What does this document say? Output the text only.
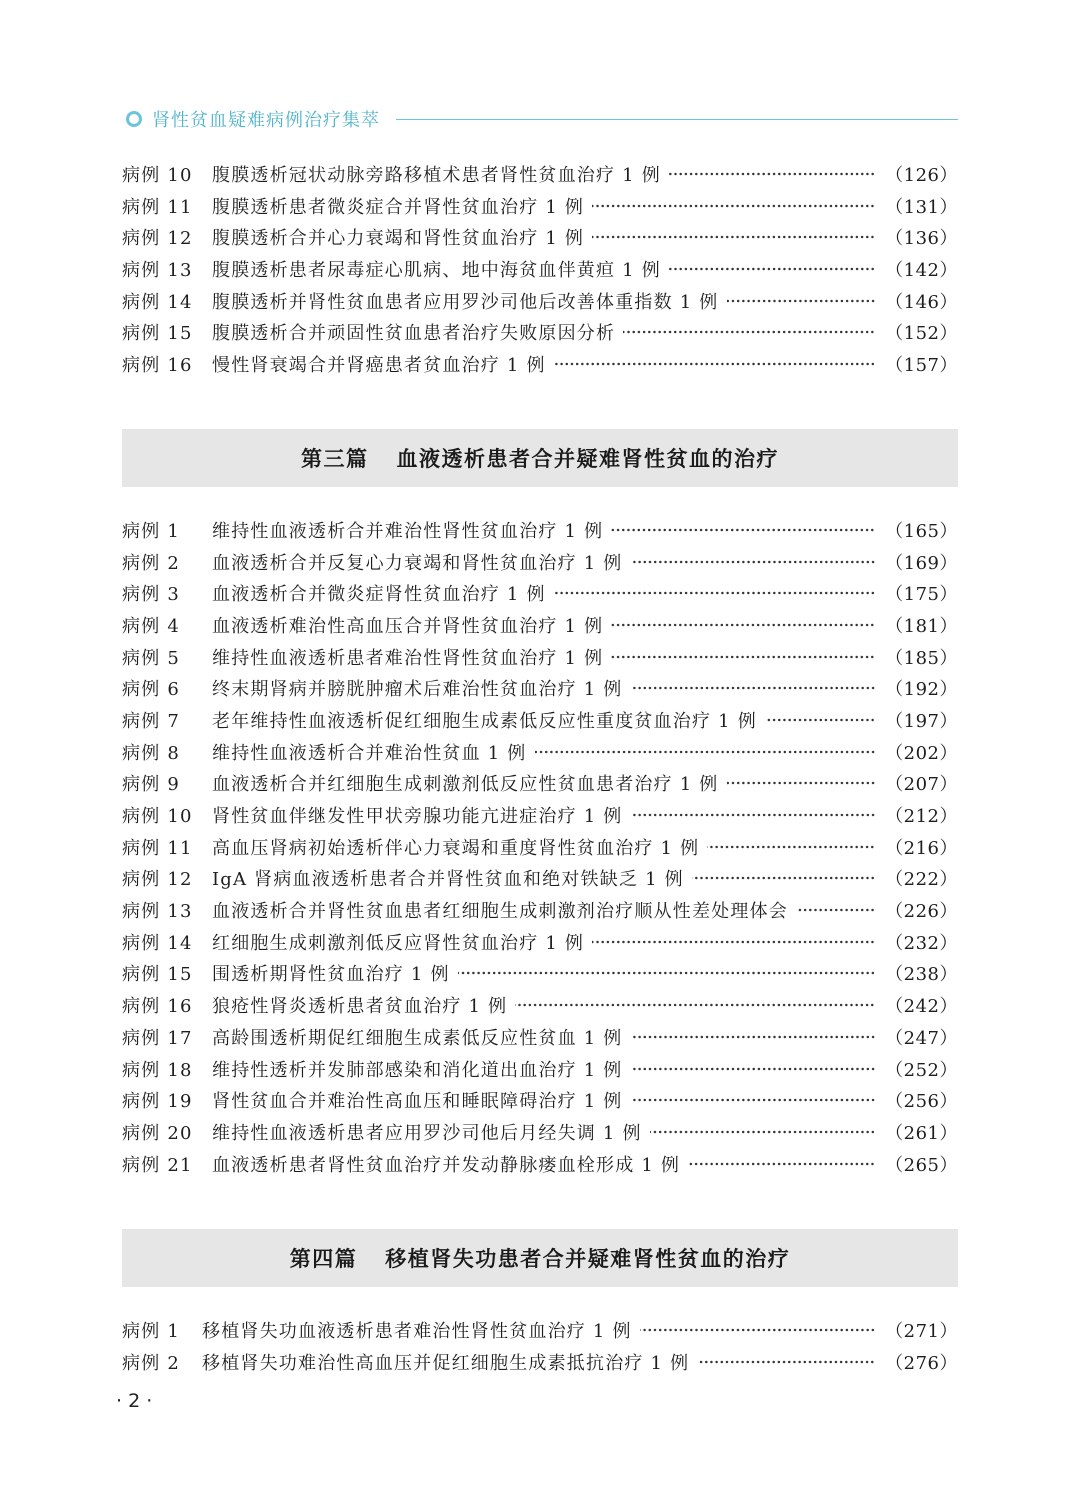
肾性贫血疑难病例治疗集萃
病例 10	腹膜透析冠状动脉旁路移植术患者肾性贫血治疗 1 例	（126）
病例 11	腹膜透析患者微炎症合并肾性贫血治疗 1 例	（131）
病例 12	腹膜透析合并心力衰竭和肾性贫血治疗 1 例	（136）
病例 13	腹膜透析患者尿毒症心肌病、地中海贫血伴黄疸 1 例	（142）
病例 14	腹膜透析并肾性贫血患者应用罗沙司他后改善体重指数 1 例	（146）
病例 15	腹膜透析合并顽固性贫血患者治疗失败原因分析	（152）
病例 16	慢性肾衰竭合并肾癌患者贫血治疗 1 例	（157）
第三篇 血液透析患者合并疑难肾性贫血的治疗
病例 1	维持性血液透析合并难治性肾性贫血治疗 1 例	（165）
病例 2	血液透析合并反复心力衰竭和肾性贫血治疗 1 例	（169）
病例 3	血液透析合并微炎症肾性贫血治疗 1 例	（175）
病例 4	血液透析难治性高血压合并肾性贫血治疗 1 例	（181）
病例 5	维持性血液透析患者难治性肾性贫血治疗 1 例	（185）
病例 6	终末期肾病并膀胱肿瘤术后难治性贫血治疗 1 例	（192）
病例 7	老年维持性血液透析促红细胞生成素低反应性重度贫血治疗 1 例	（197）
病例 8	维持性血液透析合并难治性贫血 1 例	（202）
病例 9	血液透析合并红细胞生成刺激剂低反应性贫血患者治疗 1 例	（207）
病例 10	肾性贫血伴继发性甲状旁腺功能亢进症治疗 1 例	（212）
病例 11	高血压肾病初始透析伴心力衰竭和重度肾性贫血治疗 1 例	（216）
病例 12	IgA 肾病血液透析患者合并肾性贫血和绝对铁缺乏 1 例	（222）
病例 13	血液透析合并肾性贫血患者红细胞生成刺激剂治疗顺从性差处理体会	（226）
病例 14	红细胞生成刺激剂低反应肾性贫血治疗 1 例	（232）
病例 15	围透析期肾性贫血治疗 1 例	（238）
病例 16	狼疮性肾炎透析患者贫血治疗 1 例	（242）
病例 17	高龄围透析期促红细胞生成素低反应性贫血 1 例	（247）
病例 18	维持性透析并发肺部感染和消化道出血治疗 1 例	（252）
病例 19	肾性贫血合并难治性高血压和睡眠障碍治疗 1 例	（256）
病例 20	维持性血液透析患者应用罗沙司他后月经失调 1 例	（261）
病例 21	血液透析患者肾性贫血治疗并发动静脉瘘血栓形成 1 例	（265）
第四篇 移植肾失功患者合并疑难肾性贫血的治疗
病例 1	移植肾失功血液透析患者难治性肾性贫血治疗 1 例	（271）
病例 2	移植肾失功难治性高血压并促红细胞生成素抵抗治疗 1 例	（276）
· 2 ·
